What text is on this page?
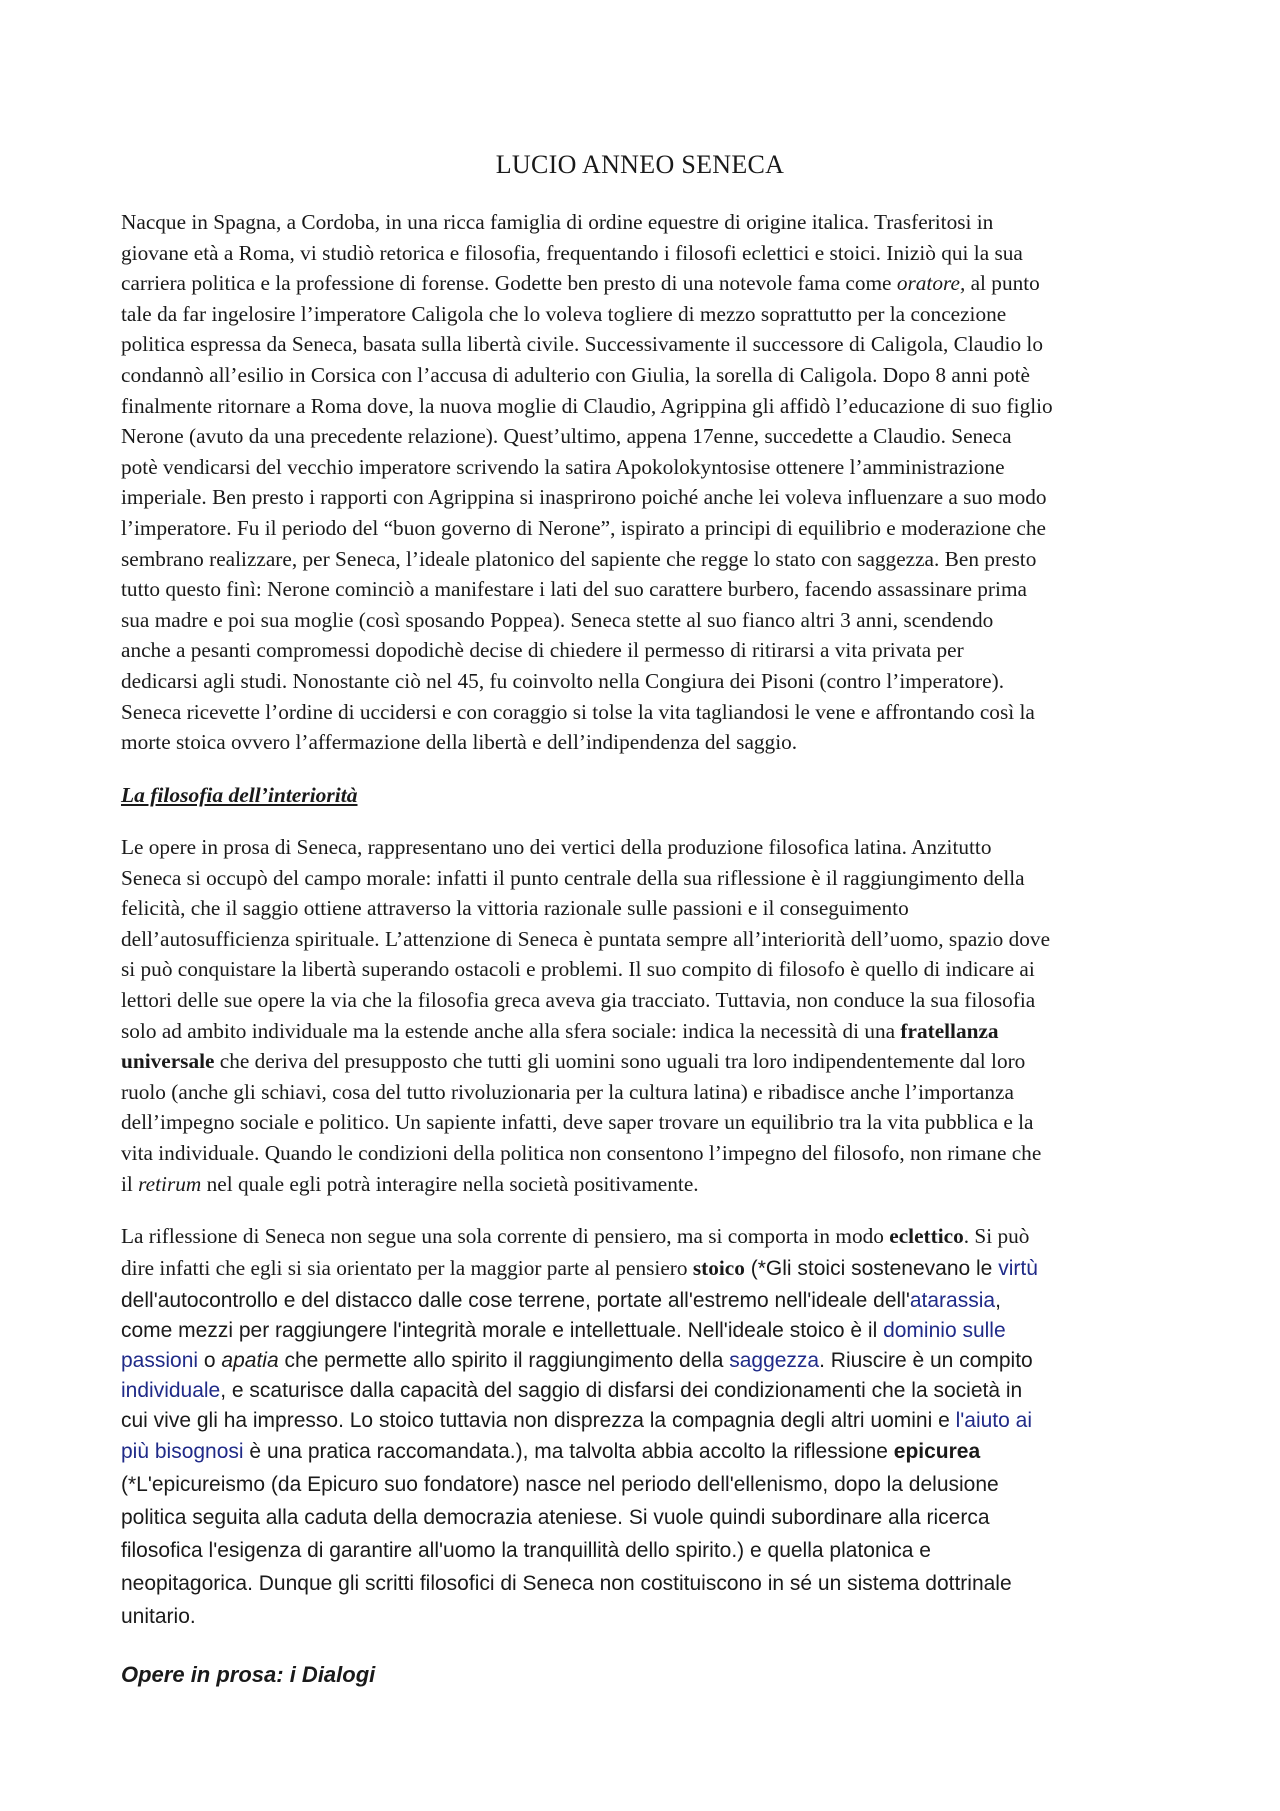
LUCIO ANNEO SENECA
Nacque in Spagna, a Cordoba, in una ricca famiglia di ordine equestre di origine italica. Trasferitosi in
giovane età a Roma, vi studiò retorica e filosofia, frequentando i filosofi eclettici e stoici. Iniziò qui la sua
carriera politica e la professione di forense. Godette ben presto di una notevole fama come oratore, al punto
tale da far ingelosire l’imperatore Caligola che lo voleva togliere di mezzo soprattutto per la concezione
politica espressa da Seneca, basata sulla libertà civile. Successivamente il successore di Caligola, Claudio lo
condannò all’esilio in Corsica con l’accusa di adulterio con Giulia, la sorella di Caligola. Dopo 8 anni potè
finalmente ritornare a Roma dove, la nuova moglie di Claudio, Agrippina gli affidò l’educazione di suo figlio
Nerone (avuto da una precedente relazione). Quest’ultimo, appena 17enne, succedette a Claudio. Seneca
potè vendicarsi del vecchio imperatore scrivendo la satira Apokolokyntosise ottenere l’amministrazione
imperiale. Ben presto i rapporti con Agrippina si inasprirono poiché anche lei voleva influenzare a suo modo
l’imperatore. Fu il periodo del “buon governo di Nerone”, ispirato a principi di equilibrio e moderazione che
sembrano realizzare, per Seneca, l’ideale platonico del sapiente che regge lo stato con saggezza. Ben presto
tutto questo finì: Nerone cominciò a manifestare i lati del suo carattere burbero, facendo assassinare prima
sua madre e poi sua moglie (così sposando Poppea). Seneca stette al suo fianco altri 3 anni, scendendo
anche a pesanti compromessi dopodichè decise di chiedere il permesso di ritirarsi a vita privata per
dedicarsi agli studi. Nonostante ciò nel 45, fu coinvolto nella Congiura dei Pisoni (contro l’imperatore).
Seneca ricevette l’ordine di uccidersi e con coraggio si tolse la vita tagliandosi le vene e affrontando così la
morte stoica ovvero l’affermazione della libertà e dell’indipendenza del saggio.
La filosofia dell’interiorità
Le opere in prosa di Seneca, rappresentano uno dei vertici della produzione filosofica latina. Anzitutto
Seneca si occupò del campo morale: infatti il punto centrale della sua riflessione è il raggiungimento della
felicità, che il saggio ottiene attraverso la vittoria razionale sulle passioni e il conseguimento
dell’autosufficienza spirituale. L’attenzione di Seneca è puntata sempre all’interiorità dell’uomo, spazio dove
si può conquistare la libertà superando ostacoli e problemi. Il suo compito di filosofo è quello di indicare ai
lettori delle sue opere la via che la filosofia greca aveva gia tracciato. Tuttavia, non conduce la sua filosofia
solo ad ambito individuale ma la estende anche alla sfera sociale: indica la necessità di una fratellanza
universale che deriva del presupposto che tutti gli uomini sono uguali tra loro indipendentemente dal loro
ruolo (anche gli schiavi, cosa del tutto rivoluzionaria per la cultura latina) e ribadisce anche l’importanza
dell’impegno sociale e politico. Un sapiente infatti, deve saper trovare un equilibrio tra la vita pubblica e la
vita individuale. Quando le condizioni della politica non consentono l’impegno del filosofo, non rimane che
il retirum nel quale egli potrà interagire nella società positivamente.
La riflessione di Seneca non segue una sola corrente di pensiero, ma si comporta in modo eclettico. Si può
dire infatti che egli si sia orientato per la maggior parte al pensiero stoico (*Gli stoici sostenevano le virtù
dell'autocontrollo e del distacco dalle cose terrene, portate all'estremo nell'ideale dell'atarassia,
come mezzi per raggiungere l'integrità morale e intellettuale. Nell'ideale stoico è il dominio sulle
passioni o apatia che permette allo spirito il raggiungimento della saggezza. Riuscire è un compito
individuale, e scaturisce dalla capacità del saggio di disfarsi dei condizionamenti che la società in
cui vive gli ha impresso. Lo stoico tuttavia non disprezza la compagnia degli altri uomini e l'aiuto ai
più bisognosi è una pratica raccomandata.), ma talvolta abbia accolto la riflessione epicurea
(*L'epicureismo (da Epicuro suo fondatore) nasce nel periodo dell'ellenismo, dopo la delusione
politica seguita alla caduta della democrazia ateniese. Si vuole quindi subordinare alla ricerca
filosofica l'esigenza di garantire all'uomo la tranquillità dello spirito.) e quella platonica e
neopitagorica. Dunque gli scritti filosofici di Seneca non costituiscono in sé un sistema dottrinale
unitario.
Opere in prosa: i Dialogi
